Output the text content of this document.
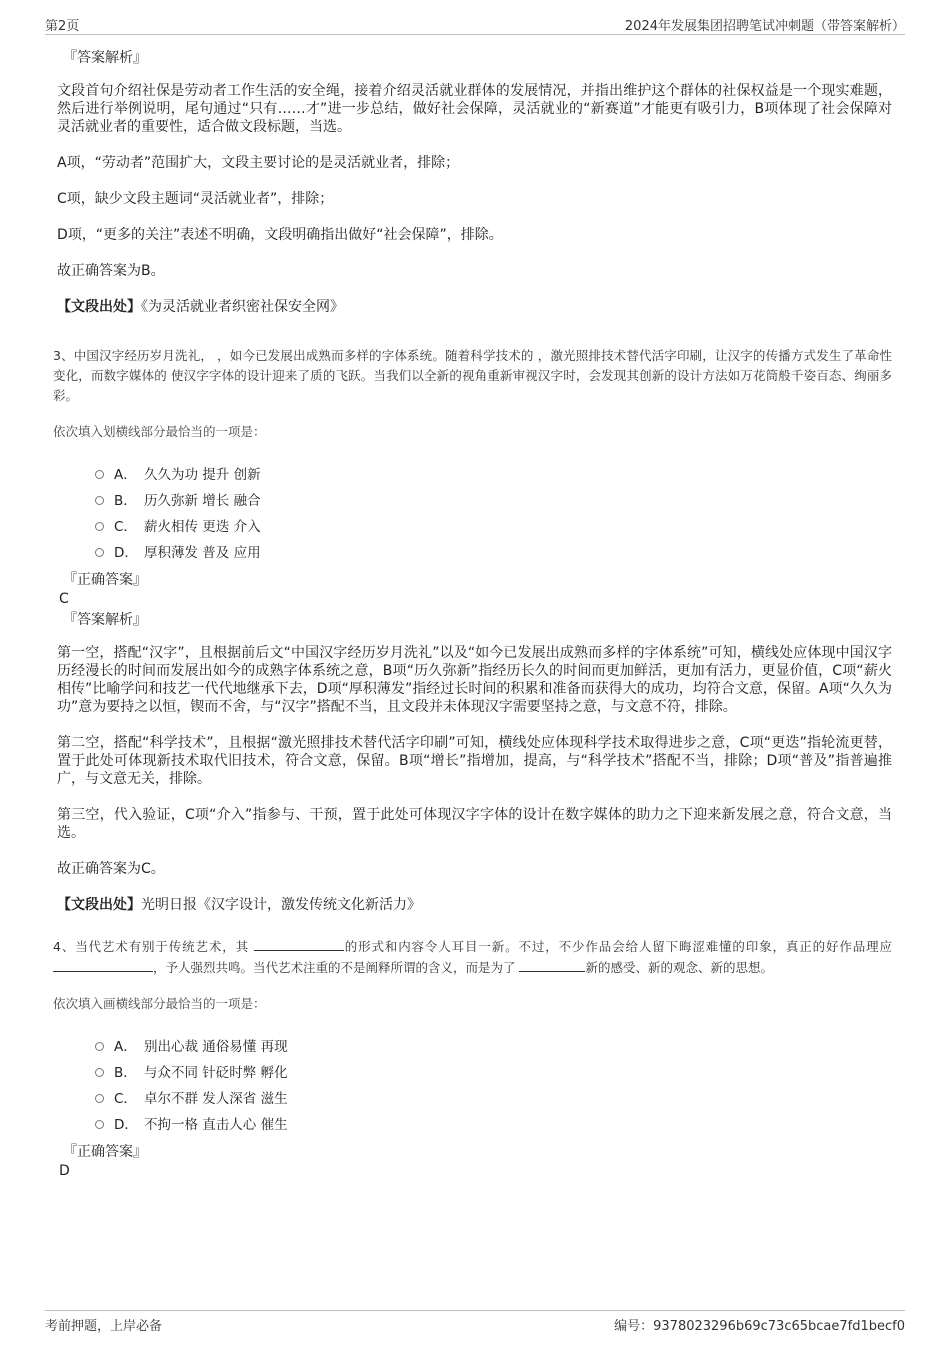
第2页	2024年发展集团招聘笔试冲刺题（带答案解析）
『答案解析』
文段首句介绍社保是劳动者工作生活的安全绳，接着介绍灵活就业群体的发展情况，并指出维护这个群体的社保权益是一个现实难题，然后进行举例说明，尾句通过“只有……才”进一步总结，做好社会保障，灵活就业的“新赛道”才能更有吸引力，B项体现了社会保障对灵活就业者的重要性，适合做文段标题，当选。
A项，“劳动者”范围扩大，文段主要讨论的是灵活就业者，排除；
C项，缺少文段主题词“灵活就业者”，排除；
D项，“更多的关注”表述不明确，文段明确指出做好“社会保障”，排除。
故正确答案为B。
【文段出处】《为灵活就业者织密社保安全网》
3、中国汉字经历岁月洗礼， ，如今已发展出成熟而多样的字体系统。随着科学技术的 ，激光照排技术替代活字印刷，让汉字的传播方式发生了革命性变化，而数字媒体的 使汉字字体的设计迎来了质的飞跃。当我们以全新的视角重新审视汉字时，会发现其创新的设计方法如万花筒般千姿百态、绚丽多彩。
依次填入划横线部分最恰当的一项是：
A． 久久为功 提升 创新
B． 历久弥新 增长 融合
C． 薪火相传 更迭 介入
D． 厚积薄发 普及 应用
『正确答案』
C
『答案解析』
第一空，搭配“汉字”，且根据前后文“中国汉字经历岁月洗礼”以及“如今已发展出成熟而多样的字体系统”可知，横线处应体现中国汉字历经漫长的时间而发展出如今的成熟字体系统之意，B项“历久弥新”指经历长久的时间而更加鲜活，更加有活力，更显价值，C项“薪火相传”比喻学问和技艺一代代地继承下去，D项“厚积薄发”指经过长时间的积累和准备而获得大的成功，均符合文意，保留。A项“久久为功”意为要持之以恒，锲而不舍，与“汉字”搭配不当，且文段并未体现汉字需要坚持之意，与文意不符，排除。
第二空，搭配“科学技术”，且根据“激光照排技术替代活字印刷”可知，横线处应体现科学技术取得进步之意，C项“更迭”指轮流更替，置于此处可体现新技术取代旧技术，符合文意，保留。B项“增长”指增加，提高，与“科学技术”搭配不当，排除；D项“普及”指普遍推广，与文意无关，排除。
第三空，代入验证，C项“介入”指参与、干预，置于此处可体现汉字字体的设计在数字媒体的助力之下迎来新发展之意，符合文意，当选。
故正确答案为C。
【文段出处】光明日报《汉字设计，激发传统文化新活力》
4、当代艺术有别于传统艺术，其	的形式和内容令人耳目一新。不过，不少作品会给人留下晦涩难懂的印象，真正的好作品理应 ，予人强烈共鸣。当代艺术注重的不是阐释所谓的含义，而是为了	新的感受、新的观念、新的思想。
依次填入画横线部分最恰当的一项是：
A． 别出心裁 通俗易懂 再现
B． 与众不同 针砭时弊 孵化
C． 卓尔不群 发人深省 滋生
D． 不拘一格 直击人心 催生
『正确答案』
D
考前押题，上岸必备	编号：9378023296b69c73c65bcae7fd1becf0
